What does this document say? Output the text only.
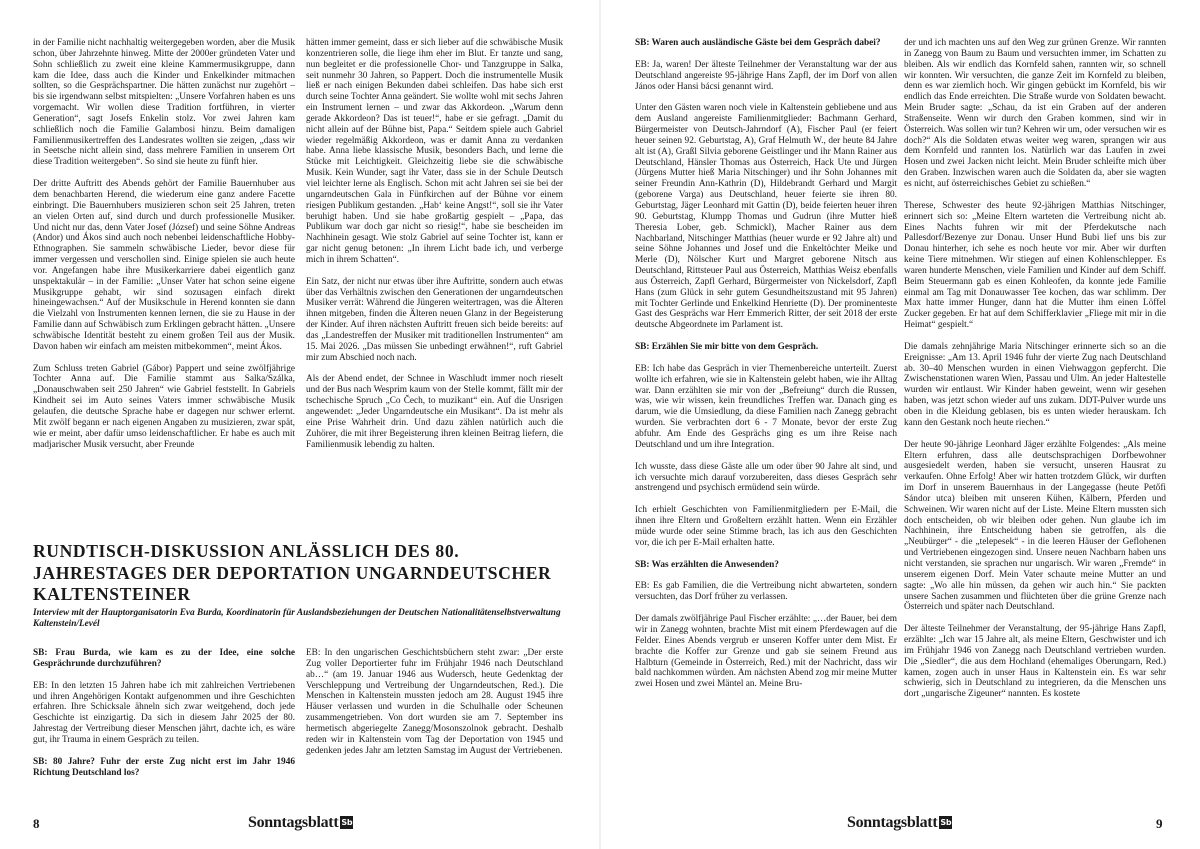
in der Familie nicht nachhaltig weitergegeben worden, aber die Musik schon, über Jahrzehnte hinweg. Mitte der 2000er gründeten Vater und Sohn schließlich zu zweit eine kleine Kammermusikgruppe, dann kam die Idee, dass auch die Kinder und Enkelkinder mitmachen sollten, so die Gesprächspartner. Die hätten zunächst nur zugehört – bis sie irgendwann selbst mitspielten: „Unsere Vorfahren haben es uns vorgemacht. Wir wollen diese Tradition fortführen, in vierter Generation“, sagt Josefs Enkelin stolz. Vor zwei Jahren kam schließlich noch die Familie Galambosi hinzu. Beim damaligen Familienmusikertreffen des Landesrates wollten sie zeigen, „dass wir in Seetsche nicht allein sind, dass mehrere Familien in unserem Ort diese Tradition weitergeben“. So sind sie heute zu fünft hier.

Der dritte Auftritt des Abends gehört der Familie Bauernhuber aus dem benachbarten Herend, die wiederum eine ganz andere Facette einbringt. Die Bauernhubers musizieren schon seit 25 Jahren, treten an vielen Orten auf, sind durch und durch professionelle Musiker. Und nicht nur das, denn Vater Josef (József) und seine Söhne Andreas (Andor) und Ákos sind auch noch nebenbei leidenschaftliche Hobby-Ethnographen. Sie sammeln schwäbische Lieder, bevor diese für immer vergessen und verschollen sind. Einige spielen sie auch heute vor. Angefangen habe ihre Musikerkarriere dabei eigentlich ganz unspektakulär – in der Familie: „Unser Vater hat schon seine eigene Musikgruppe gehabt, wir sind sozusagen einfach direkt hineingewachsen.“ Auf der Musikschule in Herend konnten sie dann die Vielzahl von Instrumenten kennen lernen, die sie zu Hause in der Familie dann auf Schwäbisch zum Erklingen gebracht hätten. „Unsere schwäbische Identität besteht zu einem großen Teil aus der Musik. Davon haben wir einfach am meisten mitbekommen“, meint Ákos.

Zum Schluss treten Gabriel (Gábor) Pappert und seine zwölfjährige Tochter Anna auf. Die Familie stammt aus Salka/Szálka, „Donauschwaben seit 250 Jahren“ wie Gabriel feststellt. In Gabriels Kindheit sei im Auto seines Vaters immer schwäbische Musik gelaufen, die deutsche Sprache habe er dagegen nur schwer erlernt. Mit zwölf begann er nach eigenen Angaben zu musizieren, zwar spät, wie er meint, aber dafür umso leidenschaftlicher. Er habe es auch mit madjarischer Musik versucht, aber Freunde

hätten immer gemeint, dass er sich lieber auf die schwäbische Musik konzentrieren solle, die liege ihm eher im Blut. Er tanzte und sang, nun begleitet er die professionelle Chor- und Tanzgruppe in Salka, seit nunmehr 30 Jahren, so Pappert. Doch die instrumentelle Musik ließ er nach einigen Bekunden dabei schleifen. Das habe sich erst durch seine Tochter Anna geändert. Sie wollte wohl mit sechs Jahren ein Instrument lernen – und zwar das Akkordeon. „Warum denn gerade Akkordeon? Das ist teuer!“, habe er sie gefragt. „Damit du nicht allein auf der Bühne bist, Papa.“ Seitdem spiele auch Gabriel wieder regelmäßig Akkordeon, was er damit Anna zu verdanken habe. Anna liebe klassische Musik, besonders Bach, und lerne die Stücke mit Leichtigkeit. Gleichzeitig liebe sie die schwäbische Musik. Kein Wunder, sagt ihr Vater, dass sie in der Schule Deutsch viel leichter lerne als Englisch. Schon mit acht Jahren sei sie bei der ungarndeutschen Gala in Fünfkirchen auf der Bühne vor einem riesigen Publikum gestanden. „Hab‘ keine Angst!“, soll sie ihr Vater beruhigt haben. Und sie habe großartig gespielt – „Papa, das Publikum war doch gar nicht so riesig!“, habe sie bescheiden im Nachhinein gesagt. Wie stolz Gabriel auf seine Tochter ist, kann er gar nicht genug betonen: „In ihrem Licht bade ich, und verberge mich in ihrem Schatten“.

Ein Satz, der nicht nur etwas über ihre Auftritte, sondern auch etwas über das Verhältnis zwischen den Generationen der ungarndeutschen Musiker verrät: Während die Jüngeren weitertragen, was die Älteren ihnen mitgeben, finden die Älteren neuen Glanz in der Begeisterung der Kinder. Auf ihren nächsten Auftritt freuen sich beide bereits: auf das „Landestreffen der Musiker mit traditionellen Instrumenten“ am 15. Mai 2026. „Das müssen Sie unbedingt erwähnen!“, ruft Gabriel mir zum Abschied noch nach.

Als der Abend endet, der Schnee in Waschludt immer noch rieselt und der Bus nach Wesprim kaum von der Stelle kommt, fällt mir der tschechische Spruch „Co Čech, to muzikant“ ein. Auf die Unsrigen angewendet: „Jeder Ungarndeutsche ein Musikant“. Da ist mehr als eine Prise Wahrheit drin. Und dazu zählen natürlich auch die Zuhörer, die mit ihrer Begeisterung ihren kleinen Beitrag liefern, die Familienmusik lebendig zu halten.

RUNDTISCH-DISKUSSION ANLÄSSLICH DES 80. JAHRESTAGES DER DEPORTATION UNGARNDEUTSCHER KALTENSTEINER

Interview mit der Hauptorganisatorin Eva Burda, Koordinatorin für Auslandsbeziehungen der Deutschen Nationalitätenselbstverwaltung Kaltenstein/Levél

SB: Frau Burda, wie kam es zu der Idee, eine solche Gesprächrunde durchzuführen?

EB: In den letzten 15 Jahren habe ich mit zahlreichen Vertriebenen und ihren Angehörigen Kontakt aufgenommen und ihre Geschichten erfahren. Ihre Schicksale ähneln sich zwar weitgehend, doch jede Geschichte ist einzigartig. Da sich in diesem Jahr 2025 der 80. Jahrestag der Vertreibung dieser Menschen jährt, dachte ich, es wäre gut, ihr Trauma in einem Gespräch zu teilen.

SB: 80 Jahre? Fuhr der erste Zug nicht erst im Jahr 1946 Richtung Deutschland los?

EB: In den ungarischen Geschichtsbüchern steht zwar: „Der erste Zug voller Deportierter fuhr im Frühjahr 1946 nach Deutschland ab…“ (am 19. Januar 1946 aus Wudersch, heute Gedenktag der Verschleppung und Vertreibung der Ungarndeutschen, Red.). Die Menschen in Kaltenstein mussten jedoch am 28. August 1945 ihre Häuser verlassen und wurden in die Schulhalle oder Scheunen zusammengetrieben. Von dort wurden sie am 7. September ins hermetisch abgeriegelte Zanegg/Mosonszolnok gebracht. Deshalb reden wir in Kaltenstein vom Tag der Deportation von 1945 und gedenken jedes Jahr am letzten Samstag im August der Vertriebenen.

8	Sonntagsblatt Sb

SB: Waren auch ausländische Gäste bei dem Gespräch dabei?

EB: Ja, waren! Der älteste Teilnehmer der Veranstaltung war der aus Deutschland angereiste 95-jährige Hans Zapfl, der im Dorf von allen János oder Hansi bácsi genannt wird.

Unter den Gästen waren noch viele in Kaltenstein gebliebene und aus dem Ausland angereiste Familienmitglieder: Bachmann Gerhard, Bürgermeister von Deutsch-Jahrndorf (A), Fischer Paul (er feiert heuer seinen 92. Geburtstag, A), Graf Helmuth W., der heute 84 Jahre alt ist (A), Graßl Silvia geborene Geistlinger und ihr Mann Rainer aus Deutschland, Hänsler Thomas aus Österreich, Hack Ute und Jürgen (Jürgens Mutter hieß Maria Nitschinger) und ihr Sohn Johannes mit seiner Freundin Ann-Kathrin (D), Hildebrandt Gerhard und Margit (geborene Varga) aus Deutschland, heuer feierte sie ihren 80. Geburtstag, Jäger Leonhard mit Gattin (D), beide feierten heuer ihren 90. Geburtstag, Klumpp Thomas und Gudrun (ihre Mutter hieß Theresia Lober, geb. Schmickl), Macher Rainer aus dem Nachbarland, Nitschinger Matthias (heuer wurde er 92 Jahre alt) und seine Söhne Johannes und Josef und die Enkeltöchter Meike und Merle (D), Nölscher Kurt und Margret geborene Nitsch aus Deutschland, Rittsteuer Paul aus Österreich, Matthias Weisz ebenfalls aus Österreich, Zapfl Gerhard, Bürgermeister von Nickelsdorf, Zapfl Hans (zum Glück in sehr gutem Gesundheitszustand mit 95 Jahren) mit Tochter Gerlinde und Enkelkind Henriette (D). Der prominenteste Gast des Gesprächs war Herr Emmerich Ritter, der seit 2018 der erste deutsche Abgeordnete im Parlament ist.

SB: Erzählen Sie mir bitte von dem Gespräch.

EB: Ich habe das Gespräch in vier Themenbereiche unterteilt. Zuerst wollte ich erfahren, wie sie in Kaltenstein gelebt haben, wie ihr Alltag war. Dann erzählten sie mir von der „Befreiung“ durch die Russen, was, wie wir wissen, kein freundliches Treffen war. Danach ging es darum, wie die Umsiedlung, da diese Familien nach Zanegg gebracht wurden. Sie verbrachten dort 6 - 7 Monate, bevor der erste Zug abfuhr. Am Ende des Gesprächs ging es um ihre Reise nach Deutschland und um ihre Integration.

Ich wusste, dass diese Gäste alle um oder über 90 Jahre alt sind, und ich versuchte mich darauf vorzubereiten, dass dieses Gespräch sehr anstrengend und psychisch ermüdend sein würde.

Ich erhielt Geschichten von Familienmitgliedern per E-Mail, die ihnen ihre Eltern und Großeltern erzählt hatten. Wenn ein Erzähler müde wurde oder seine Stimme brach, las ich aus den Geschichten vor, die ich per E-Mail erhalten hatte.

SB: Was erzählten die Anwesenden?

EB: Es gab Familien, die die Vertreibung nicht abwarteten, sondern versuchten, das Dorf früher zu verlassen.

Der damals zwölfjährige Paul Fischer erzählte: „…der Bauer, bei dem wir in Zanegg wohnten, brachte Mist mit einem Pferdewagen auf die Felder. Eines Abends vergrub er unseren Koffer unter dem Mist. Er brachte die Koffer zur Grenze und gab sie seinem Freund aus Halbturn (Gemeinde in Österreich, Red.) mit der Nachricht, dass wir bald nachkommen würden. Am nächsten Abend zog mir meine Mutter zwei Hosen und zwei Mäntel an. Meine Bru-

der und ich machten uns auf den Weg zur grünen Grenze. Wir rannten in Zanegg von Baum zu Baum und versuchten immer, im Schatten zu bleiben. Als wir endlich das Kornfeld sahen, rannten wir, so schnell wir konnten. Wir versuchten, die ganze Zeit im Kornfeld zu bleiben, denn es war ziemlich hoch. Wir gingen gebückt im Kornfeld, bis wir endlich das Ende erreichten. Die Straße wurde von Soldaten bewacht. Mein Bruder sagte: „Schau, da ist ein Graben auf der anderen Straßenseite. Wenn wir durch den Graben kommen, sind wir in Österreich. Was sollen wir tun? Kehren wir um, oder versuchen wir es doch?“ Als die Soldaten etwas weiter weg waren, sprangen wir aus dem Kornfeld und rannten los. Natürlich war das Laufen in zwei Hosen und zwei Jacken nicht leicht. Mein Bruder schleifte mich über den Graben. Inzwischen waren auch die Soldaten da, aber sie wagten es nicht, auf österreichisches Gebiet zu schießen.“

Therese, Schwester des heute 92-jährigen Matthias Nitschinger, erinnert sich so: „Meine Eltern warteten die Vertreibung nicht ab. Eines Nachts fuhren wir mit der Pferdekutsche nach Pallesdorf/Bezenye zur Donau. Unser Hund Bubi lief uns bis zur Donau hinterher, ich sehe es noch heute vor mir. Aber wir durften keine Tiere mitnehmen. Wir stiegen auf einen Kohlenschlepper. Es waren hunderte Menschen, viele Familien und Kinder auf dem Schiff. Beim Steuermann gab es einen Kohleofen, da konnte jede Familie einmal am Tag mit Donauwasser Tee kochen, das war schlimm. Der Max hatte immer Hunger, dann hat die Mutter ihm einen Löffel Zucker gegeben. Er hat auf dem Schifferklavier „Fliege mit mir in die Heimat“ gespielt.“

Die damals zehnjährige Maria Nitschinger erinnerte sich so an die Ereignisse: „Am 13. April 1946 fuhr der vierte Zug nach Deutschland ab. 30–40 Menschen wurden in einen Viehwaggon gepfercht. Die Zwischenstationen waren Wien, Passau und Ulm. An jeder Haltestelle wurden wir entlaust. Wir Kinder haben geweint, wenn wir gesehen haben, was jetzt schon wieder auf uns zukam. DDT-Pulver wurde uns oben in die Kleidung geblasen, bis es unten wieder herauskam. Ich kann den Gestank noch heute riechen.“

Der heute 90-jährige Leonhard Jäger erzählte Folgendes: „Als meine Eltern erfuhren, dass alle deutschsprachigen Dorfbewohner ausgesiedelt werden, haben sie versucht, unseren Hausrat zu verkaufen. Ohne Erfolg! Aber wir hatten trotzdem Glück, wir durften im Dorf in unserem Bauernhaus in der Langegasse (heute Petőfi Sándor utca) bleiben mit unseren Kühen, Kälbern, Pferden und Schweinen. Wir waren nicht auf der Liste. Meine Eltern mussten sich doch entscheiden, ob wir bleiben oder gehen. Nun glaube ich im Nachhinein, ihre Entscheidung haben sie getroffen, als die „Neubürger“ - die „telepesek“ - in die leeren Häuser der Geflohenen und Vertriebenen eingezogen sind. Unsere neuen Nachbarn haben uns nicht verstanden, sie sprachen nur ungarisch. Wir waren „Fremde“ in unserem eigenen Dorf. Mein Vater schaute meine Mutter an und sagte: „Wo alle hin müssen, da gehen wir auch hin.“ Sie packten unsere Sachen zusammen und flüchteten über die grüne Grenze nach Österreich und später nach Deutschland.

Der älteste Teilnehmer der Veranstaltung, der 95-jährige Hans Zapfl, erzählte: „Ich war 15 Jahre alt, als meine Eltern, Geschwister und ich im Frühjahr 1946 von Zanegg nach Deutschland vertrieben wurden. Die „Siedler“, die aus dem Hochland (ehemaliges Oberungarn, Red.) kamen, zogen auch in unser Haus in Kaltenstein ein. Es war sehr schwierig, sich in Deutschland zu integrieren, da die Menschen uns dort „ungarische Zigeuner“ nannten. Es kostete

Sonntagsblatt Sb	9
